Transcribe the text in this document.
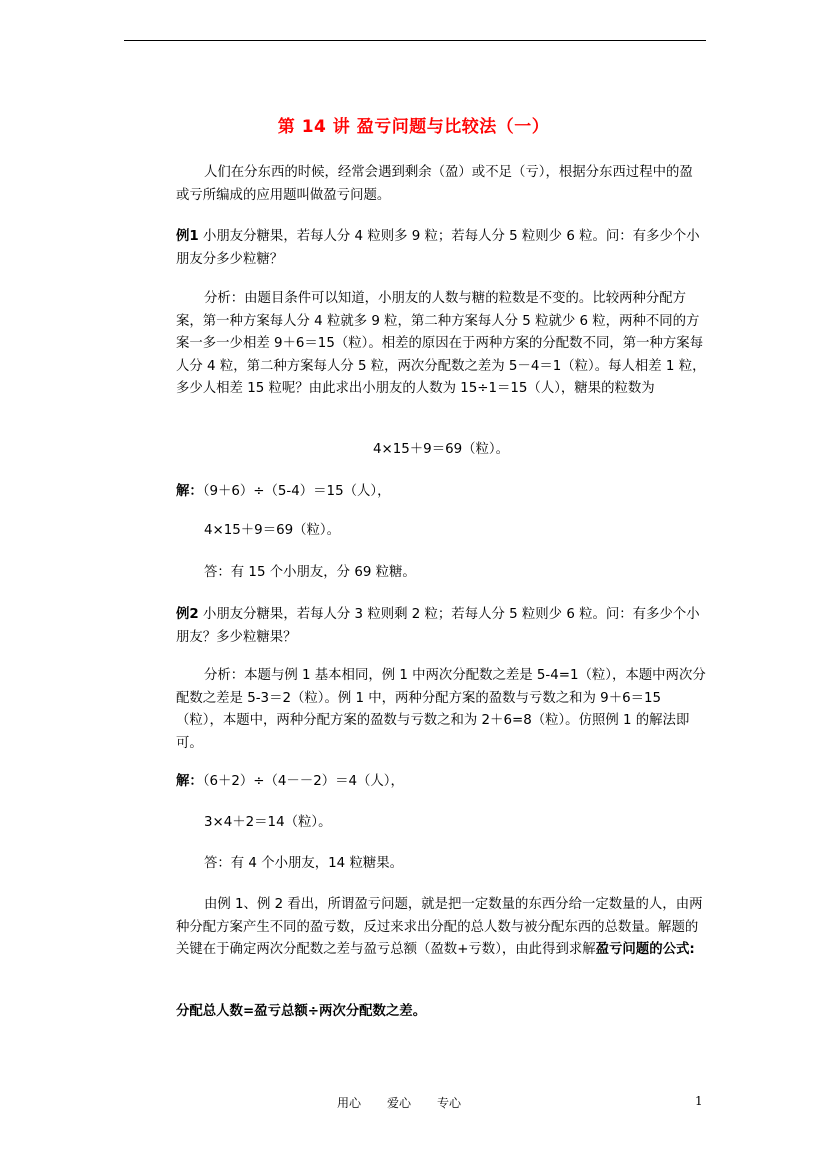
第 14 讲 盈亏问题与比较法（一）
人们在分东西的时候，经常会遇到剩余（盈）或不足（亏），根据分东西过程中的盈或亏所编成的应用题叫做盈亏问题。
例1 小朋友分糖果，若每人分 4 粒则多 9 粒；若每人分 5 粒则少 6 粒。问：有多少个小朋友分多少粒糖？
分析：由题目条件可以知道，小朋友的人数与糖的粒数是不变的。比较两种分配方案，第一种方案每人分 4 粒就多 9 粒，第二种方案每人分 5 粒就少 6 粒，两种不同的方案一多一少相差 9＋6＝15（粒）。相差的原因在于两种方案的分配数不同，第一种方案每人分 4 粒，第二种方案每人分 5 粒，两次分配数之差为 5－4＝1（粒）。每人相差 1 粒，多少人相差 15 粒呢？由此求出小朋友的人数为 15÷1＝15（人），糖果的粒数为
4×15＋9＝69（粒）。
解：（9＋6）÷（5-4）＝15（人），
4×15＋9＝69（粒）。
答：有 15 个小朋友，分 69 粒糖。
例2 小朋友分糖果，若每人分 3 粒则剩 2 粒；若每人分 5 粒则少 6 粒。问：有多少个小朋友？多少粒糖果？
分析：本题与例 1 基本相同，例 1 中两次分配数之差是 5-4=1（粒），本题中两次分配数之差是 5-3＝2（粒）。例 1 中，两种分配方案的盈数与亏数之和为 9＋6＝15（粒），本题中，两种分配方案的盈数与亏数之和为 2＋6=8（粒）。仿照例 1 的解法即可。
解：（6＋2）÷（4－－2）＝4（人），
3×4＋2＝14（粒）。
答：有 4 个小朋友，14 粒糖果。
由例 1、例 2 看出，所谓盈亏问题，就是把一定数量的东西分给一定数量的人，由两种分配方案产生不同的盈亏数，反过来求出分配的总人数与被分配东西的总数量。解题的关键在于确定两次分配数之差与盈亏总额（盈数+亏数），由此得到求解盈亏问题的公式:
分配总人数=盈亏总额÷两次分配数之差。
用心 爱心 专心	1
